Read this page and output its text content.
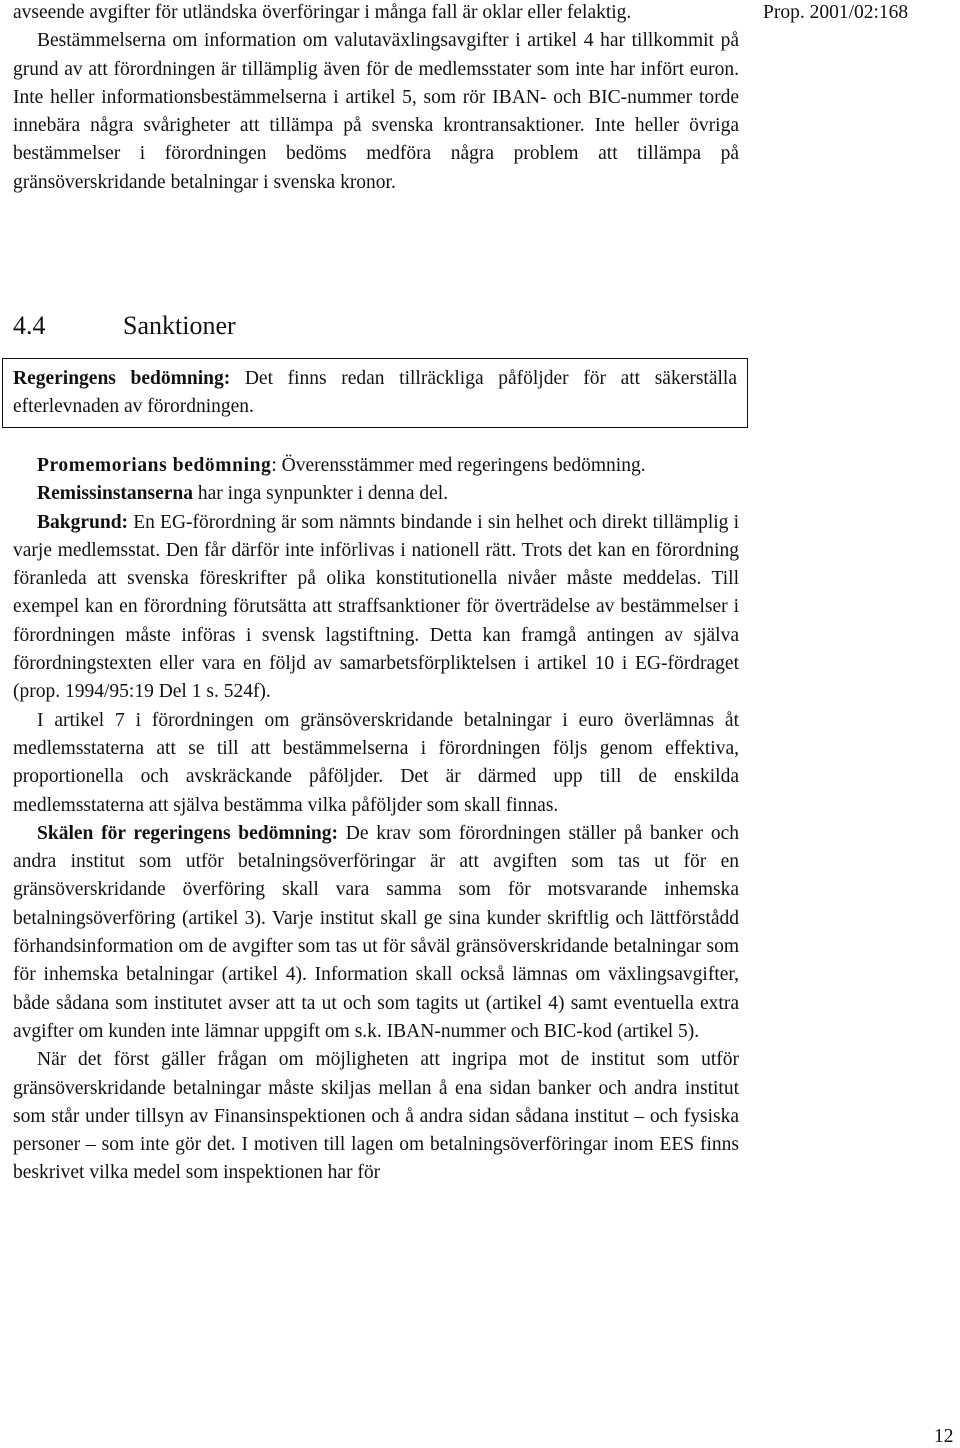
Prop. 2001/02:168

avseende avgifter för utländska överföringar i många fall är oklar eller felaktig.

Bestämmelserna om information om valutaväxlingsavgifter i artikel 4 har tillkommit på grund av att förordningen är tillämplig även för de medlemsstater som inte har infört euron. Inte heller informationsbestämmelserna i artikel 5, som rör IBAN- och BIC-nummer torde innebära några svårigheter att tillämpa på svenska krontransaktioner. Inte heller övriga bestämmelser i förordningen bedöms medföra några problem att tillämpa på gränsöverskridande betalningar i svenska kronor.

4.4	Sanktioner
Regeringens bedömning: Det finns redan tillräckliga påföljder för att säkerställa efterlevnaden av förordningen.

Promemorians bedömning: Överensstämmer med regeringens bedömning.

Remissinstanserna har inga synpunkter i denna del.

Bakgrund: En EG-förordning är som nämnts bindande i sin helhet och direkt tillämplig i varje medlemsstat. Den får därför inte införlivas i nationell rätt. Trots det kan en förordning föranleda att svenska föreskrifter på olika konstitutionella nivåer måste meddelas. Till exempel kan en förordning förutsätta att straffsanktioner för överträdelse av bestämmelser i förordningen måste införas i svensk lagstiftning. Detta kan framgå antingen av själva förordningstexten eller vara en följd av samarbetsförpliktelsen i artikel 10 i EG-fördraget (prop. 1994/95:19 Del 1 s. 524f).

I artikel 7 i förordningen om gränsöverskridande betalningar i euro överlämnas åt medlemsstaterna att se till att bestämmelserna i förordningen följs genom effektiva, proportionella och avskräckande påföljder. Det är därmed upp till de enskilda medlemsstaterna att själva bestämma vilka påföljder som skall finnas.

Skälen för regeringens bedömning: De krav som förordningen ställer på banker och andra institut som utför betalningsöverföringar är att avgiften som tas ut för en gränsöverskridande överföring skall vara samma som för motsvarande inhemska betalningsöverföring (artikel 3). Varje institut skall ge sina kunder skriftlig och lättförstådd förhandsinformation om de avgifter som tas ut för såväl gränsöverskridande betalningar som för inhemska betalningar (artikel 4). Information skall också lämnas om växlingsavgifter, både sådana som institutet avser att ta ut och som tagits ut (artikel 4) samt eventuella extra avgifter om kunden inte lämnar uppgift om s.k. IBAN-nummer och BIC-kod (artikel 5).

När det först gäller frågan om möjligheten att ingripa mot de institut som utför gränsöverskridande betalningar måste skiljas mellan å ena sidan banker och andra institut som står under tillsyn av Finansinspektionen och å andra sidan sådana institut – och fysiska personer – som inte gör det. I motiven till lagen om betalningsöverföringar inom EES finns beskrivet vilka medel som inspektionen har för

12
